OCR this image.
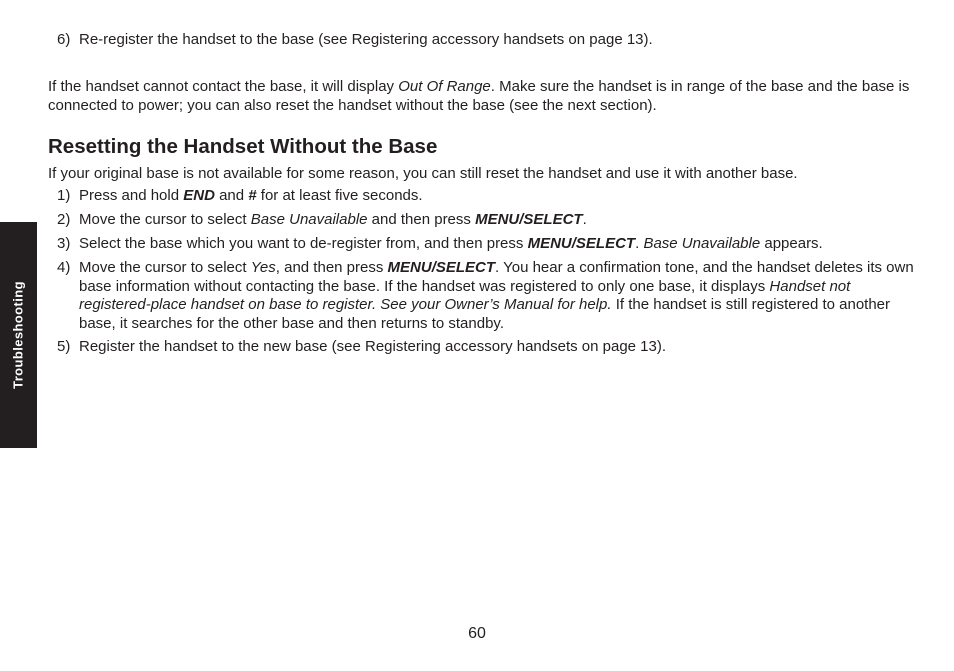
Troubleshooting
6) Re-register the handset to the base (see Registering accessory handsets on page 13).

If the handset cannot contact the base, it will display Out Of Range. Make sure the handset is in range of the base and the base is connected to power; you can also reset the handset without the base (see the next section).

Resetting the Handset Without the Base

If your original base is not available for some reason, you can still reset the handset and use it with another base.

1) Press and hold END and # for at least five seconds.
2) Move the cursor to select Base Unavailable and then press MENU/SELECT.
3) Select the base which you want to de-register from, and then press MENU/SELECT. Base Unavailable appears.
4) Move the cursor to select Yes, and then press MENU/SELECT. You hear a confirmation tone, and the handset deletes its own base information without contacting the base. If the handset was registered to only one base, it displays Handset not registered-place handset on base to register. See your Owner’s Manual for help. If the handset is still registered to another base, it searches for the other base and then returns to standby.
5) Register the handset to the new base (see Registering accessory handsets on page 13).
60
